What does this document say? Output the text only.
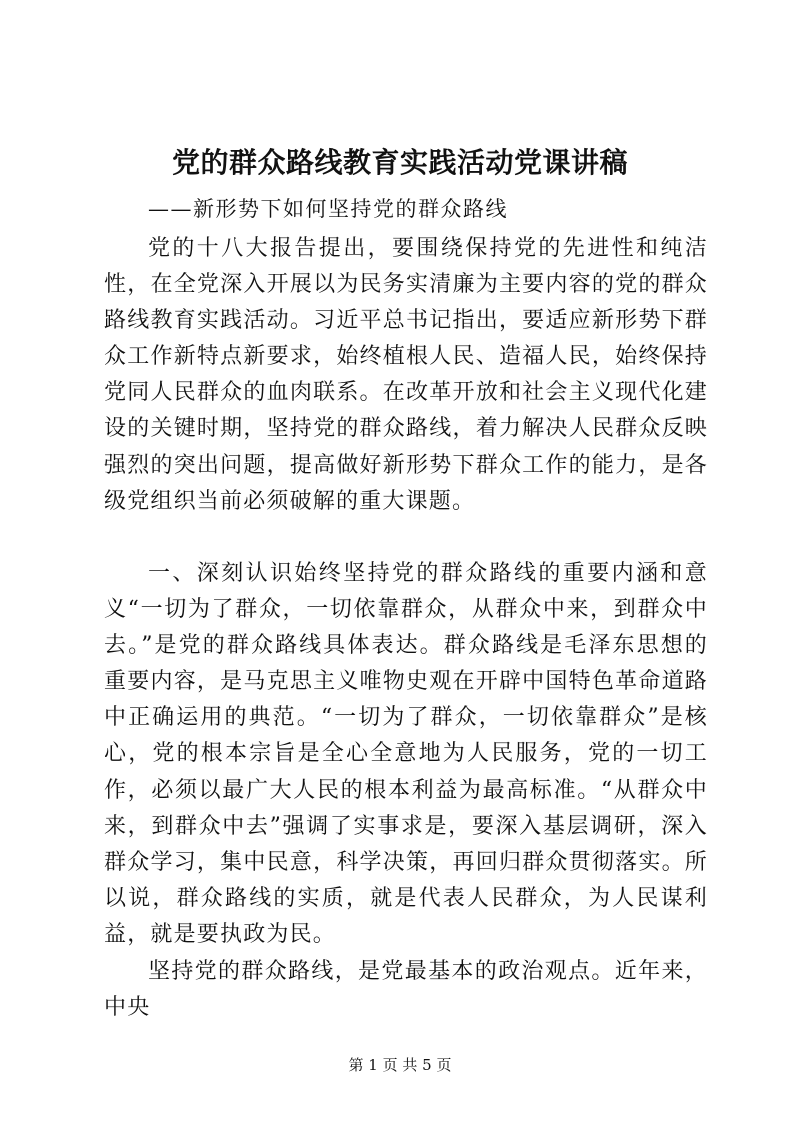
党的群众路线教育实践活动党课讲稿
——新形势下如何坚持党的群众路线

党的十八大报告提出，要围绕保持党的先进性和纯洁性，在全党深入开展以为民务实清廉为主要内容的党的群众路线教育实践活动。习近平总书记指出，要适应新形势下群众工作新特点新要求，始终植根人民、造福人民，始终保持党同人民群众的血肉联系。在改革开放和社会主义现代化建设的关键时期，坚持党的群众路线，着力解决人民群众反映强烈的突出问题，提高做好新形势下群众工作的能力，是各级党组织当前必须破解的重大课题。

一、深刻认识始终坚持党的群众路线的重要内涵和意义“一切为了群众，一切依靠群众，从群众中来，到群众中去。”是党的群众路线具体表达。群众路线是毛泽东思想的重要内容，是马克思主义唯物史观在开辟中国特色革命道路中正确运用的典范。“一切为了群众，一切依靠群众”是核心，党的根本宗旨是全心全意地为人民服务，党的一切工作，必须以最广大人民的根本利益为最高标准。“从群众中来，到群众中去”强调了实事求是，要深入基层调研，深入群众学习，集中民意，科学决策，再回归群众贯彻落实。所以说，群众路线的实质，就是代表人民群众，为人民谋利益，就是要执政为民。

坚持党的群众路线，是党最基本的政治观点。近年来，中央

第 1 页 共 5 页
